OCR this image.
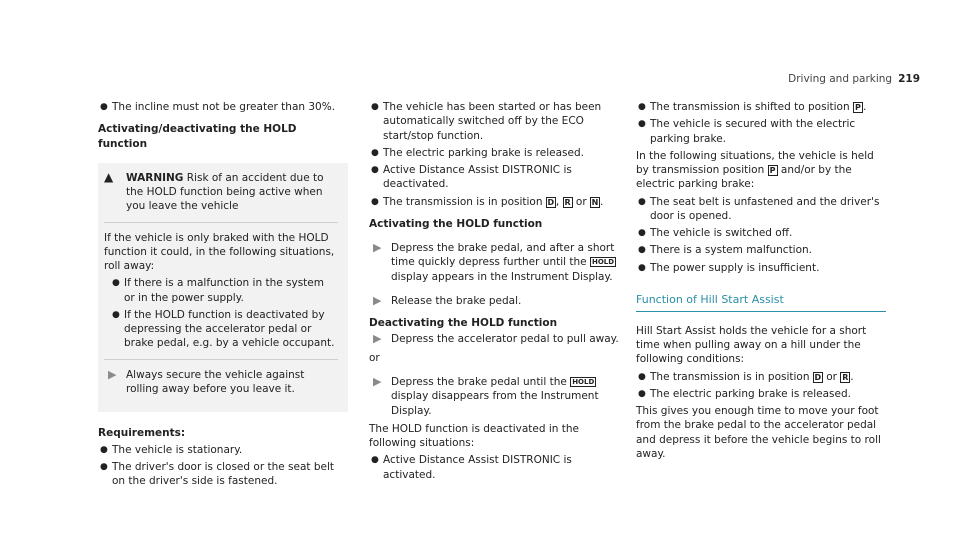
Driving and parking 219
● The incline must not be greater than 30%.
Activating/deactivating the HOLD function
▲	WARNING Risk of an accident due to the HOLD function being active when you leave the vehicle
If the vehicle is only braked with the HOLD function it could, in the following situations, roll away:
● If there is a malfunction in the system or in the power supply.
● If the HOLD function is deactivated by depressing the accelerator pedal or brake pedal, e.g. by a vehicle occupant.
▶ Always secure the vehicle against rolling away before you leave it.
Requirements:
● The vehicle is stationary.
● The driver's door is closed or the seat belt on the driver's side is fastened.
● The vehicle has been started or has been automatically switched off by the ECO start/stop function.
● The electric parking brake is released.
● Active Distance Assist DISTRONIC is deactivated.
● The transmission is in position D , R or N .
Activating the HOLD function
▶ Depress the brake pedal, and after a short time quickly depress further until the HOLD display appears in the Instrument Display.
▶ Release the brake pedal.
Deactivating the HOLD function
▶ Depress the accelerator pedal to pull away.
or
▶ Depress the brake pedal until the HOLD display disappears from the Instrument Display.
The HOLD function is deactivated in the following situations:
● Active Distance Assist DISTRONIC is activated.
● The transmission is shifted to position P .
● The vehicle is secured with the electric parking brake.
In the following situations, the vehicle is held by transmission position P and/or by the electric parking brake:
● The seat belt is unfastened and the driver's door is opened.
● The vehicle is switched off.
● There is a system malfunction.
● The power supply is insufficient.
Function of Hill Start Assist
Hill Start Assist holds the vehicle for a short time when pulling away on a hill under the following conditions:
● The transmission is in position D or R .
● The electric parking brake is released.
This gives you enough time to move your foot from the brake pedal to the accelerator pedal and depress it before the vehicle begins to roll away.
